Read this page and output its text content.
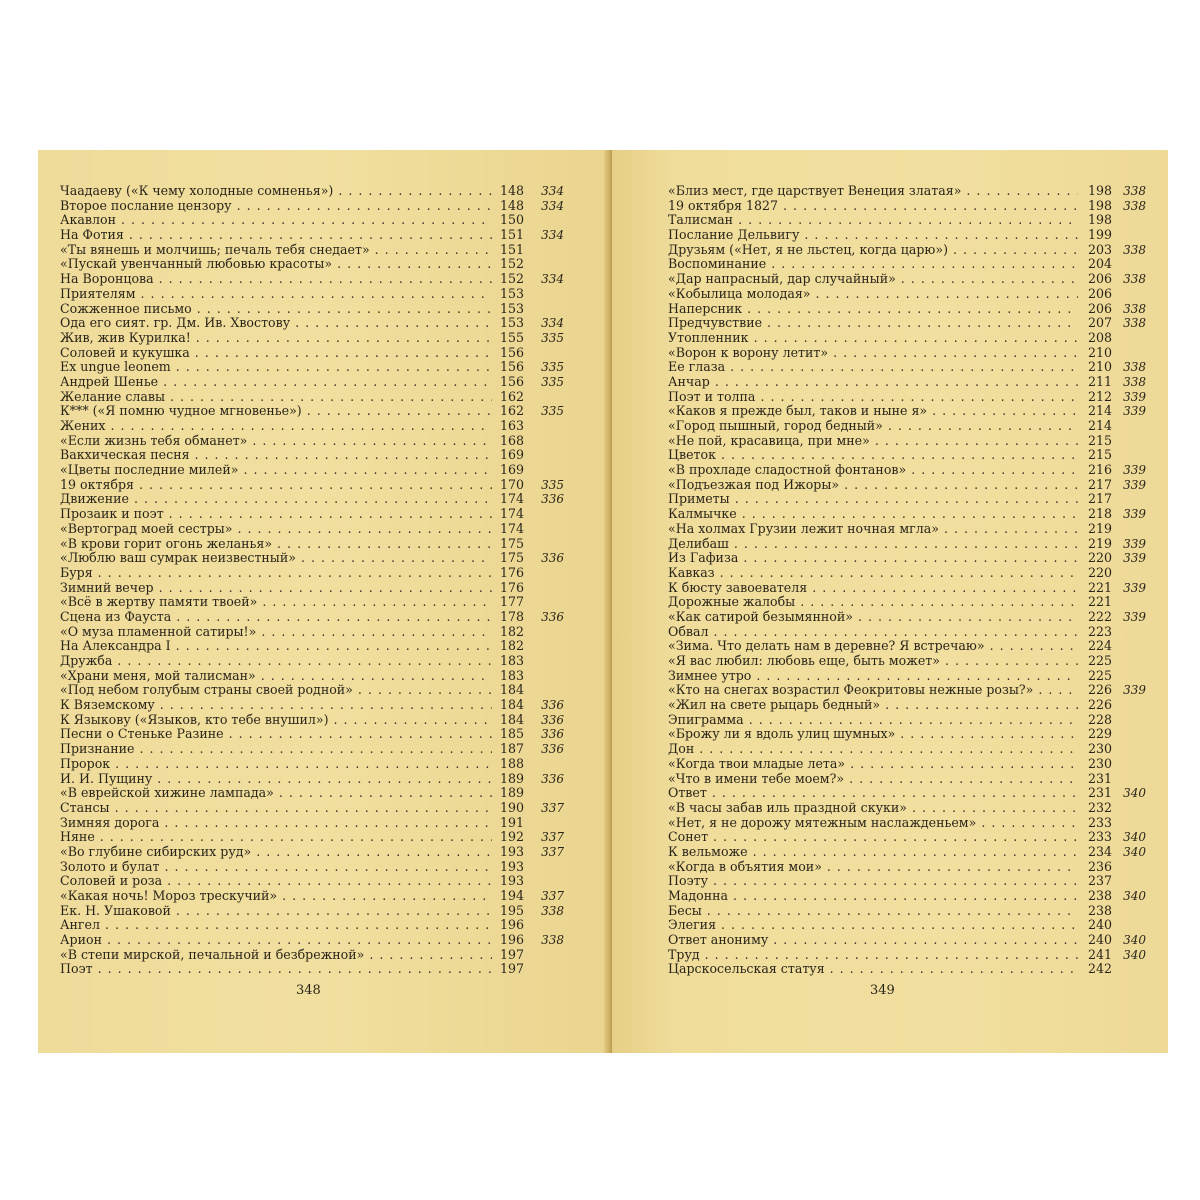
Чаадаеву («К чему холодные сомненья») . .	148	334
Второе послание цензору . .	148	334
Акавлон . .	150
На Фотия . .	151	334
«Ты вянешь и молчишь; печаль тебя снедает» . .	151
«Пускай увенчанный любовью красоты» . .	152
На Воронцова . .	152	334
Приятелям . .	153
Сожженное письмо . .	153
Ода его сият. гр. Дм. Ив. Хвостову . .	153	334
Жив, жив Курилка! . .	155	335
Соловей и кукушка . .	156
Ex ungue leonem . .	156	335
Андрей Шенье . .	156	335
Желание славы . .	162
К*** («Я помню чудное мгновенье») . .	162	335
Жених . .	163
«Если жизнь тебя обманет» . .	168
Вакхическая песня . .	169
«Цветы последние милей» . .	169
19 октября . .	170	335
Движение . .	174	336
Прозаик и поэт . .	174
«Вертоград моей сестры» . .	174
«В крови горит огонь желанья» . .	175
«Люблю ваш сумрак неизвестный» . .	175	336
Буря . .	176
Зимний вечер . .	176
«Всё в жертву памяти твоей» . .	177
Сцена из Фауста . .	178	336
«О муза пламенной сатиры!» . .	182
На Александра I . .	182
Дружба . .	183
«Храни меня, мой талисман» . .	183
«Под небом голубым страны своей родной» . .	184
К Вяземскому . .	184	336
К Языкову («Языков, кто тебе внушил») . .	184	336
Песни о Стеньке Разине . .	185	336
Признание . .	187	336
Пророк . .	188
И. И. Пущину . .	189	336
«В еврейской хижине лампада» . .	189
Стансы . .	190	337
Зимняя дорога . .	191
Няне . .	192	337
«Во глубине сибирских руд» . .	193	337
Золото и булат . .	193
Соловей и роза . .	193
«Какая ночь! Мороз трескучий» . .	194	337
Ек. Н. Ушаковой . .	195	338
Ангел . .	196
Арион . .	196	338
«В степи мирской, печальной и безбрежной» . .	197
Поэт . .	197
348
«Близ мест, где царствует Венеция златая» . .	198 338
19 октября 1827 . .	198 338
Талисман . .	198
Послание Дельвигу . .	199
Друзьям («Нет, я не льстец, когда царю») . .	203 338
Воспоминание . .	204
«Дар напрасный, дар случайный» . .	206 338
«Кобылица молодая» . .	206
Наперсник . .	206 338
Предчувствие . .	207 338
Утопленник . .	208
«Ворон к ворону летит» . .	210
Ее глаза . .	210 338
Анчар . .	211 338
Поэт и толпа . .	212 339
«Каков я прежде был, таков и ныне я» . .	214 339
«Город пышный, город бедный» . .	214
«Не пой, красавица, при мне» . .	215
Цветок . .	215
«В прохладе сладостной фонтанов» . .	216 339
«Подъезжая под Ижоры» . .	217 339
Приметы . .	217
Калмычке . .	218 339
«На холмах Грузии лежит ночная мгла» . .	219
Делибаш . .	219 339
Из Гафиза . .	220 339
Кавказ . .	220
К бюсту завоевателя . .	221 339
Дорожные жалобы . .	221
«Как сатирой безымянной» . .	222 339
Обвал . .	223
«Зима. Что делать нам в деревне? Я встречаю» . .	224
«Я вас любил: любовь еще, быть может» . .	225
Зимнее утро . .	225
«Кто на снегах возрастил Феокритовы нежные розы?» . .	226 339
«Жил на свете рыцарь бедный» . .	226
Эпиграмма . .	228
«Брожу ли я вдоль улиц шумных» . .	229
Дон . .	230
«Когда твои младые лета» . .	230
«Что в имени тебе моем?» . .	231
Ответ . .	231 340
«В часы забав иль праздной скуки» . .	232
«Нет, я не дорожу мятежным наслажденьем» . .	233
Сонет . .	233 340
К вельможе . .	234 340
«Когда в объятия мои» . .	236
Поэту . .	237
Мадонна . .	238 340
Бесы . .	238
Элегия . .	240
Ответ анониму . .	240 340
Труд . .	241 340
Царскосельская статуя . .	242
349
